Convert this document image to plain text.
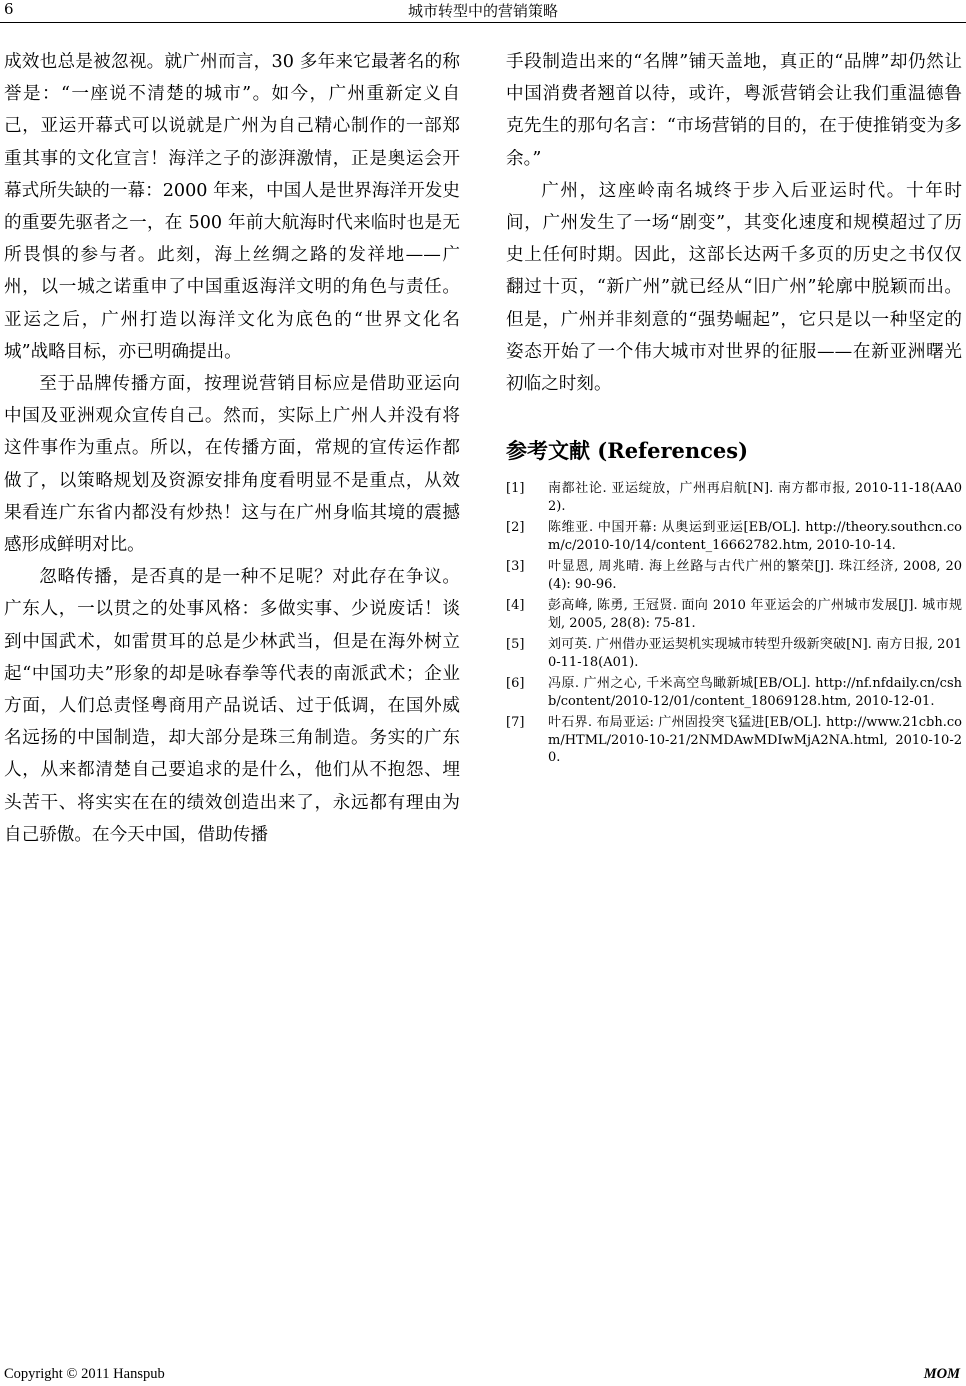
6	城市转型中的营销策略

成效也总是被忽视。就广州而言，30 多年来它最著名的称誉是：“一座说不清楚的城市”。如今，广州重新定义自己，亚运开幕式可以说就是广州为自己精心制作的一部郑重其事的文化宣言！海洋之子的澎湃激情，正是奥运会开幕式所失缺的一幕：2000 年来，中国人是世界海洋开发史的重要先驱者之一，在 500 年前大航海时代来临时也是无所畏惧的参与者。此刻，海上丝绸之路的发祥地——广州，以一城之诺重申了中国重返海洋文明的角色与责任。亚运之后，广州打造以海洋文化为底色的“世界文化名城”战略目标，亦已明确提出。

至于品牌传播方面，按理说营销目标应是借助亚运向中国及亚洲观众宣传自己。然而，实际上广州人并没有将这件事作为重点。所以，在传播方面，常规的宣传运作都做了，以策略规划及资源安排角度看明显不是重点，从效果看连广东省内都没有炒热！这与在广州身临其境的震撼感形成鲜明对比。

忽略传播，是否真的是一种不足呢？对此存在争议。广东人，一以贯之的处事风格：多做实事、少说废话！谈到中国武术，如雷贯耳的总是少林武当，但是在海外树立起“中国功夫”形象的却是咏春拳等代表的南派武术；企业方面，人们总责怪粤商用产品说话、过于低调，在国外威名远扬的中国制造，却大部分是珠三角制造。务实的广东人，从来都清楚自己要追求的是什么，他们从不抱怨、埋头苦干、将实实在在的绩效创造出来了，永远都有理由为自己骄傲。在今天中国，借助传播

手段制造出来的“名牌”铺天盖地，真正的“品牌”却仍然让中国消费者翘首以待，或许，粤派营销会让我们重温德鲁克先生的那句名言：“市场营销的目的，在于使推销变为多余。”

广州，这座岭南名城终于步入后亚运时代。十年时间，广州发生了一场“剧变”，其变化速度和规模超过了历史上任何时期。因此，这部长达两千多页的历史之书仅仅翻过十页，“新广州”就已经从“旧广州”轮廓中脱颖而出。但是，广州并非刻意的“强势崛起”，它只是以一种坚定的姿态开始了一个伟大城市对世界的征服——在新亚洲曙光初临之时刻。

参考文献 (References)
[1]	南都社论. 亚运绽放，广州再启航[N]. 南方都市报, 2010-11-18(AA02).
[2]	陈维亚. 中国开幕: 从奥运到亚运[EB/OL]. http://theory.southcn.com/c/2010-10/14/content_16662782.htm, 2010-10-14.
[3]	叶显恩, 周兆晴. 海上丝路与古代广州的繁荣[J]. 珠江经济, 2008, 20(4): 90-96.
[4]	彭高峰, 陈勇, 王冠贤. 面向 2010 年亚运会的广州城市发展[J]. 城市规划, 2005, 28(8): 75-81.
[5]	刘可英. 广州借办亚运契机实现城市转型升级新突破[N]. 南方日报, 2010-11-18(A01).
[6]	冯原. 广州之心, 千米高空鸟瞰新城[EB/OL]. http://nf.nfdaily.cn/cshb/content/2010-12/01/content_18069128.htm, 2010-12-01.
[7]	叶石界. 布局亚运: 广州固投突飞猛进[EB/OL]. http://www.21cbh.com/HTML/2010-10-21/2NMDAwMDIwMjA2NA.html, 2010-10-20.
Copyright © 2011 Hanspub	MOM
